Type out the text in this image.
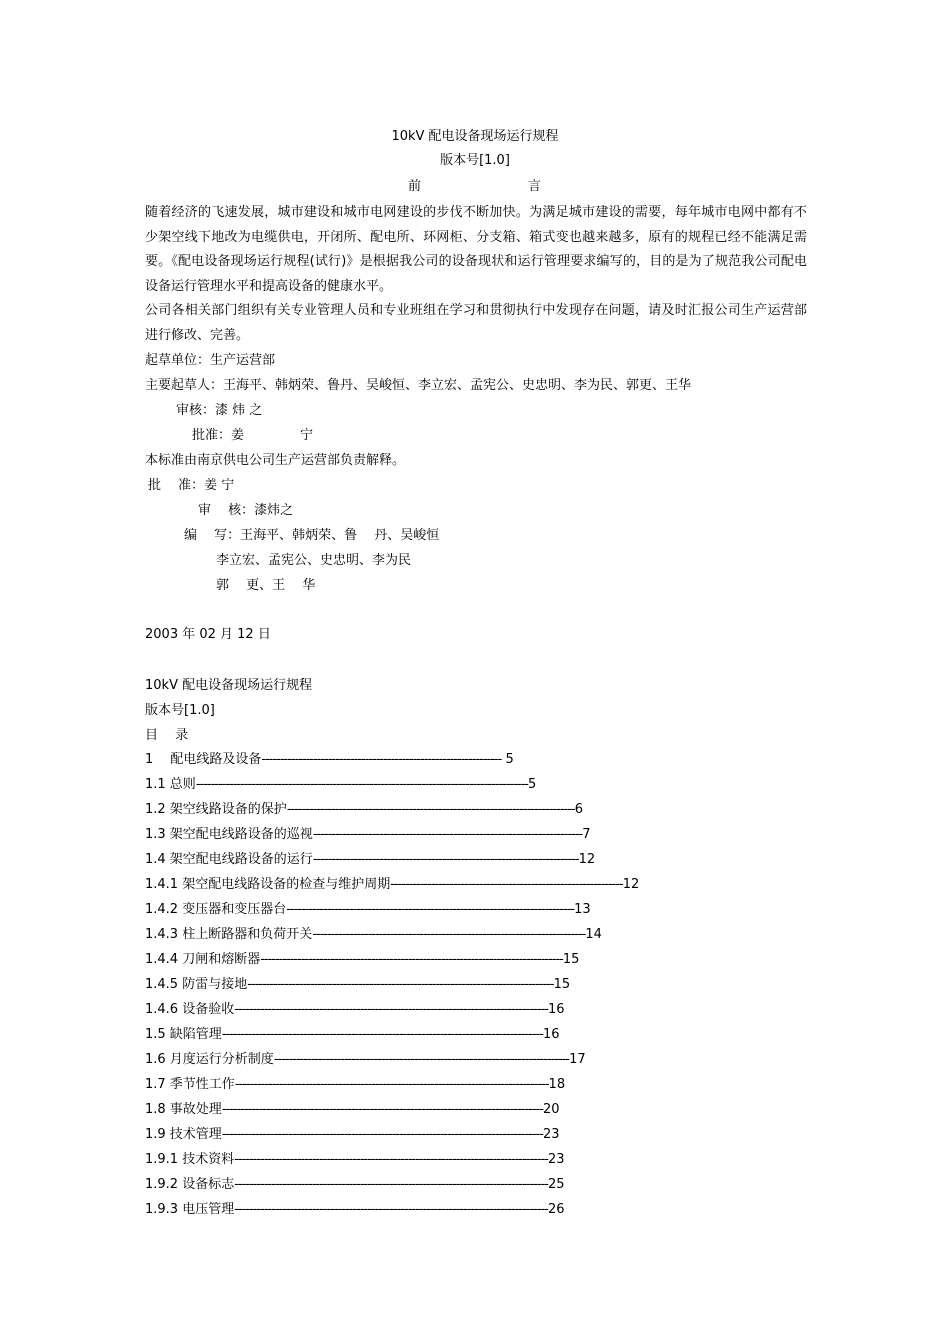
10kV 配电设备现场运行规程
版本号[1.0]
前	言
随着经济的飞速发展，城市建设和城市电网建设的步伐不断加快。为满足城市建设的需要，每年城市电网中都有不少架空线下地改为电缆供电，开闭所、配电所、环网柜、分支箱、箱式变也越来越多，原有的规程已经不能满足需要。《配电设备现场运行规程(试行)》是根据我公司的设备现状和运行管理要求编写的，目的是为了规范我公司配电设备运行管理水平和提高设备的健康水平。
公司各相关部门组织有关专业管理人员和专业班组在学习和贯彻执行中发现存在问题，请及时汇报公司生产运营部进行修改、完善。
起草单位：生产运营部
主要起草人：王海平、韩炳荣、鲁丹、吴峻恒、李立宏、孟宪公、史忠明、李为民、郭更、王华
审核：漆 炜 之
批准：姜	宁
本标准由南京供电公司生产运营部负责解释。
批　 准：姜 宁
审　 核：漆炜之
编　 写：王海平、韩炳荣、鲁　 丹、吴峻恒
李立宏、孟宪公、史忠明、李为民
郭　 更、王　 华
2003 年 02 月 12 日
10kV 配电设备现场运行规程
版本号[1.0]
目　 录
1　 配电线路及设备----------------------------------------------------------------- 5
1.1 总则------------------------------------------------------------------------------------------5
1.2 架空线路设备的保护------------------------------------------------------------------------------6
1.3 架空配电线路设备的巡视-------------------------------------------------------------------------7
1.4 架空配电线路设备的运行------------------------------------------------------------------------12
1.4.1 架空配电线路设备的检查与维护周期---------------------------------------------------------------12
1.4.2 变压器和变压器台------------------------------------------------------------------------------13
1.4.3 柱上断路器和负荷开关--------------------------------------------------------------------------14
1.4.4 刀闸和熔断器----------------------------------------------------------------------------------15
1.4.5 防雷与接地-----------------------------------------------------------------------------------15
1.4.6 设备验收-------------------------------------------------------------------------------------16
1.5 缺陷管理---------------------------------------------------------------------------------------16
1.6 月度运行分析制度--------------------------------------------------------------------------------17
1.7 季节性工作-------------------------------------------------------------------------------------18
1.8 事故处理---------------------------------------------------------------------------------------20
1.9 技术管理---------------------------------------------------------------------------------------23
1.9.1 技术资料-------------------------------------------------------------------------------------23
1.9.2 设备标志-------------------------------------------------------------------------------------25
1.9.3 电压管理-------------------------------------------------------------------------------------26
